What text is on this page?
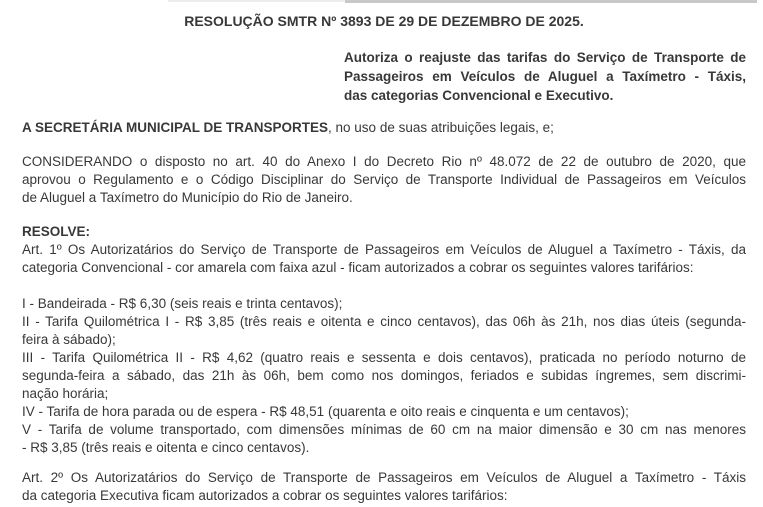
RESOLUÇÃO SMTR Nº 3893 DE 29 DE DEZEMBRO DE 2025.
Autoriza o reajuste das tarifas do Serviço de Transporte de
Passageiros em Veículos de Aluguel a Taxímetro - Táxis,
das categorias Convencional e Executivo.
A SECRETÁRIA MUNICIPAL DE TRANSPORTES, no uso de suas atribuições legais, e;
CONSIDERANDO o disposto no art. 40 do Anexo I do Decreto Rio nº 48.072 de 22 de outubro de 2020, que
aprovou o Regulamento e o Código Disciplinar do Serviço de Transporte Individual de Passageiros em Veículos
de Aluguel a Taxímetro do Município do Rio de Janeiro.
RESOLVE:
Art. 1º Os Autorizatários do Serviço de Transporte de Passageiros em Veículos de Aluguel a Taxímetro - Táxis, da
categoria Convencional - cor amarela com faixa azul - ficam autorizados a cobrar os seguintes valores tarifários:
I - Bandeirada - R$ 6,30 (seis reais e trinta centavos);
II - Tarifa Quilométrica I - R$ 3,85 (três reais e oitenta e cinco centavos), das 06h às 21h, nos dias úteis (segunda-
feira à sábado);
III - Tarifa Quilométrica II - R$ 4,62 (quatro reais e sessenta e dois centavos), praticada no período noturno de
segunda-feira a sábado, das 21h às 06h, bem como nos domingos, feriados e subidas íngremes, sem discrimi-
nação horária;
IV - Tarifa de hora parada ou de espera - R$ 48,51 (quarenta e oito reais e cinquenta e um centavos);
V - Tarifa de volume transportado, com dimensões mínimas de 60 cm na maior dimensão e 30 cm nas menores
- R$ 3,85 (três reais e oitenta e cinco centavos).
Art. 2º Os Autorizatários do Serviço de Transporte de Passageiros em Veículos de Aluguel a Taxímetro - Táxis
da categoria Executiva ficam autorizados a cobrar os seguintes valores tarifários:
